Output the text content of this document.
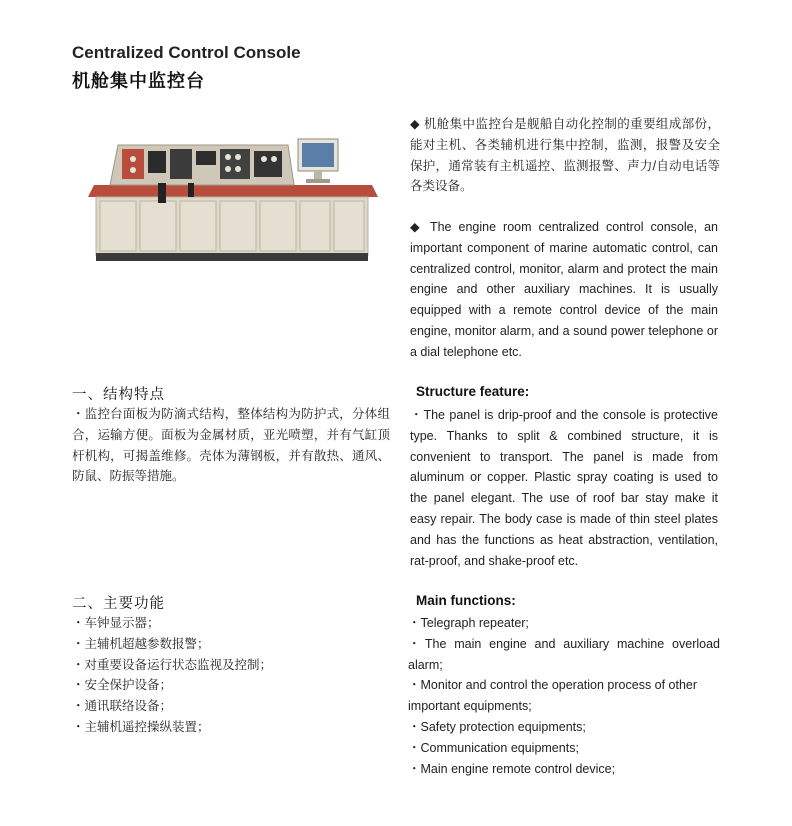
Centralized Control Console
机舱集中监控台
◆ 机舱集中监控台是舰船自动化控制的重要组成部份，能对主机、各类辅机进行集中控制，监测，报警及安全保护，通常装有主机遥控、监测报警、声力/自动电话等各类设备。
◆ The engine room centralized control console, an important component of marine automatic control, can centralized control, monitor, alarm and protect the main engine and other auxiliary machines. It is usually equipped with a remote control device of the main engine, monitor alarm, and a sound power telephone or a dial telephone etc.
一、结构特点	Structure feature:
・监控台面板为防滴式结构，整体结构为防护式，分体组合，运输方便。面板为金属材质，亚光喷塑，并有气缸顶杆机构，可揭盖维修。壳体为薄钢板，并有散热、通风、防鼠、防振等措施。
・The panel is drip-proof and the console is protective type. Thanks to split & combined structure, it is convenient to transport. The panel is made from aluminum or copper. Plastic spray coating is used to the panel elegant. The use of roof bar stay make it easy repair. The body case is made of thin steel plates and has the functions as heat abstraction, ventilation, rat-proof, and shake-proof etc.
二、主要功能	Main functions:
・车钟显示器；
・主辅机超越参数报警；
・对重要设备运行状态监视及控制；
・安全保护设备；
・通讯联络设备；
・主辅机遥控操纵装置；
・Telegraph repeater;
・The main engine and auxiliary machine overload alarm;
・Monitor and control the operation process of other important equipments;
・Safety protection equipments;
・Communication equipments;
・Main engine remote control device;
